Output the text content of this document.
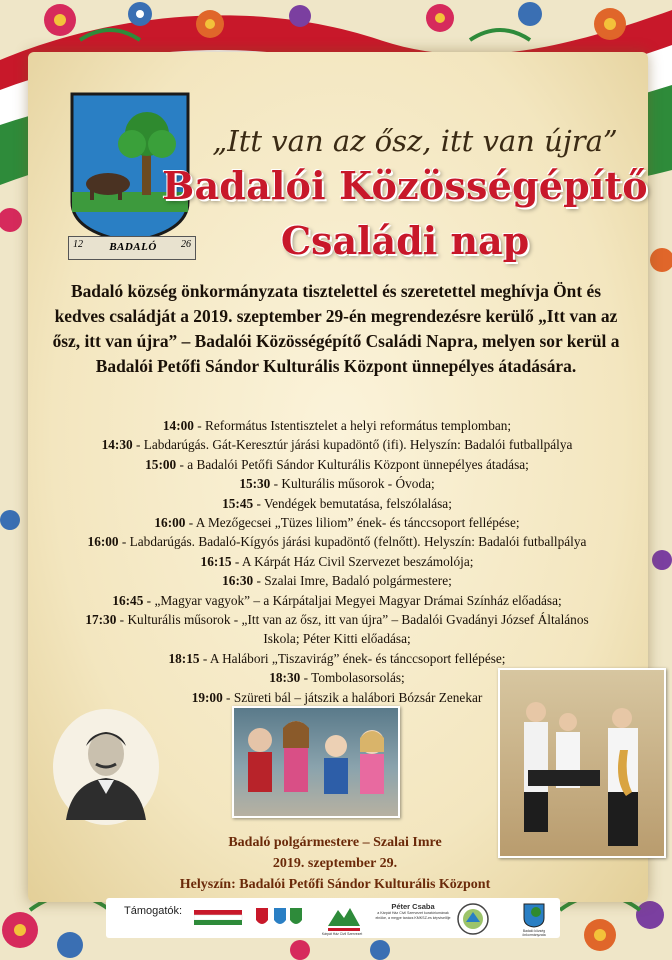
12	BADALÓ	26
„Itt van az ősz, itt van újra”
Badalói Közösségépítő
Családi nap
Badaló község önkormányzata tisztelettel és szeretettel meghívja Önt és kedves családját a 2019. szeptember 29-én megrendezésre kerülő „Itt van az ősz, itt van újra” – Badalói Közösségépítő Családi Napra, melyen sor kerül a Badalói Petőfi Sándor Kulturális Központ ünnepélyes átadására.
14:00 - Református Istentisztelet a helyi református templomban;
14:30 - Labdarúgás. Gát-Keresztúr járási kupadöntő (ifi). Helyszín: Badalói futballpálya
15:00 - a Badalói Petőfi Sándor Kulturális Központ ünnepélyes átadása;
15:30 - Kulturális műsorok - Óvoda;
15:45 - Vendégek bemutatása, felszólalása;
16:00 - A Mezőgecsei „Tüzes liliom” ének- és tánccsoport fellépése;
16:00 - Labdarúgás. Badaló-Kígyós járási kupadöntő (felnőtt). Helyszín: Badalói futballpálya
16:15 - A Kárpát Ház Civil Szervezet beszámolója;
16:30 - Szalai Imre, Badaló polgármestere;
16:45 - „Magyar vagyok” – a Kárpátaljai Megyei Magyar Drámai Színház előadása;
17:30 - Kulturális műsorok - „Itt van az ősz, itt van újra” – Badalói Gvadányi József Általános Iskola; Péter Kitti előadása;
18:15 - A Halábori „Tiszavirág” ének- és tánccsoport fellépése;
18:30 - Tombolasorsolás;
19:00 - Szüreti bál – játszik a halábori Bózsár Zenekar
Badaló polgármestere – Szalai Imre
2019. szeptember 29.
Helyszín: Badalói Petőfi Sándor Kulturális Központ
Támogatók:	Péter Csaba
a Kárpát Ház Civil Szervezet kuratóriumának elnöke, a megye tanács KMKSZ-es képviselője
Badaló község önkormányzata
Kárpát Ház Civil Szervezet
